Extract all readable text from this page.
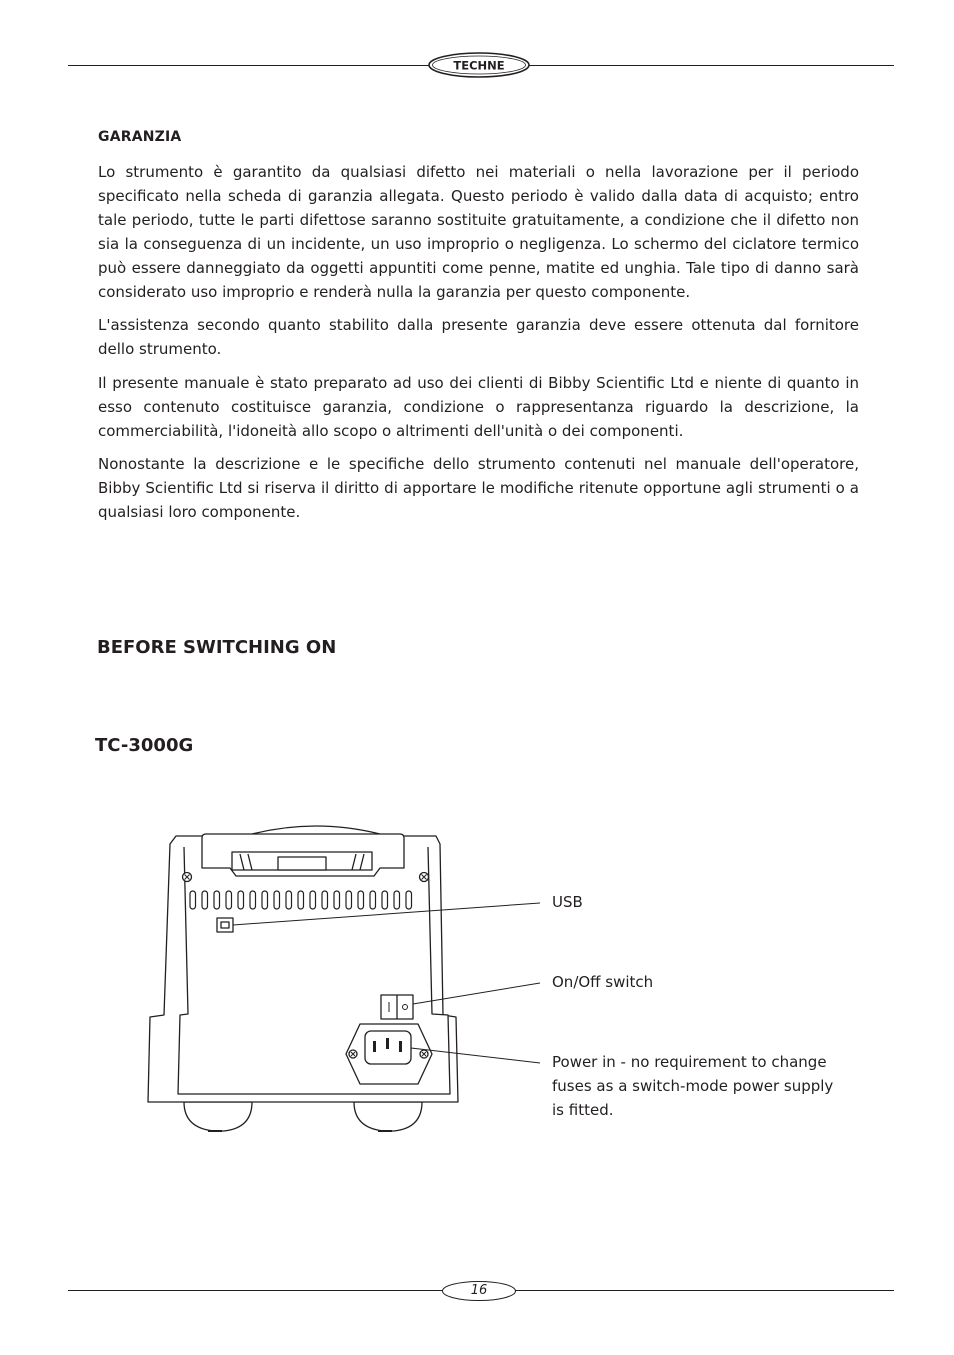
TECHNE
GARANZIA

Lo strumento è garantito da qualsiasi difetto nei materiali o nella lavorazione per il periodo specificato nella scheda di garanzia allegata. Questo periodo è valido dalla data di acquisto; entro tale periodo, tutte le parti difettose saranno sostituite gratuitamente, a condizione che il difetto non sia la conseguenza di un incidente, un uso improprio o negligenza. Lo schermo del ciclatore termico può essere danneggiato da oggetti appuntiti come penne, matite ed unghia. Tale tipo di danno sarà considerato uso improprio e renderà nulla la garanzia per questo componente.

L'assistenza secondo quanto stabilito dalla presente garanzia deve essere ottenuta dal fornitore dello strumento.

Il presente manuale è stato preparato ad uso dei clienti di Bibby Scientific Ltd e niente di quanto in esso contenuto costituisce garanzia, condizione o rappresentanza riguardo la descrizione, la commerciabilità, l'idoneità allo scopo o altrimenti dell'unità o dei componenti.

Nonostante la descrizione e le specifiche dello strumento contenuti nel manuale dell'operatore, Bibby Scientific Ltd si riserva il diritto di apportare le modifiche ritenute opportune agli strumenti o a qualsiasi loro componente.

BEFORE SWITCHING ON
TC-3000G
USB
On/Off switch
Power in - no requirement to change
fuses as a switch-mode power supply
is fitted.
16
